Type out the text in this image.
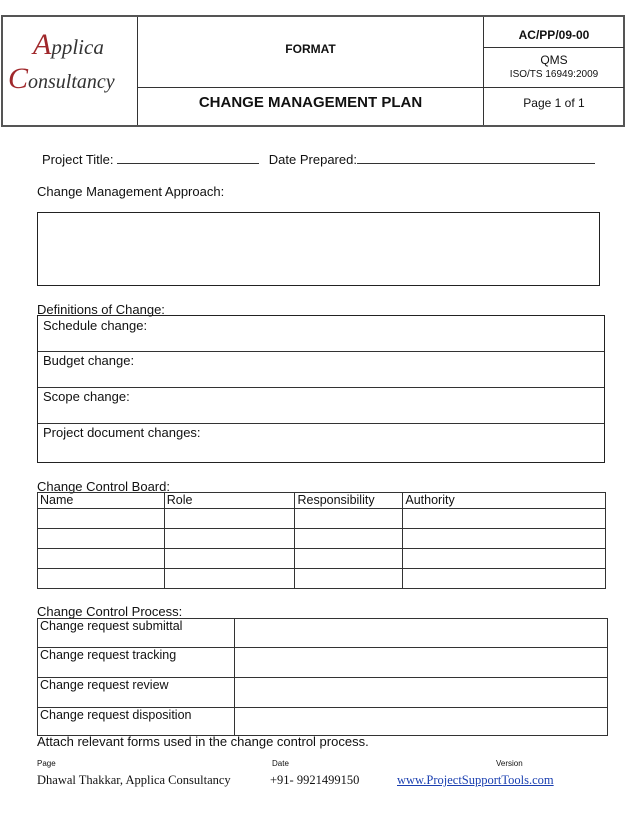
Applica
Consultancy
FORMAT
CHANGE MANAGEMENT PLAN
AC/PP/09-00
QMS
ISO/TS 16949:2009
Page 1 of 1
Project Title:	Date Prepared:
Change Management Approach:
Definitions of Change:
Schedule change:
Budget change:
Scope change:
Project document changes:
Change Control Board:
Name	Role	Responsibility	Authority

Change Control Process:
Change request submittal	
Change request tracking	
Change request review	
Change request disposition	
Attach relevant forms used in the change control process.
Page	Date	Version
Dhawal Thakkar, Applica Consultancy	+91- 9921499150	www.ProjectSupportTools.com
